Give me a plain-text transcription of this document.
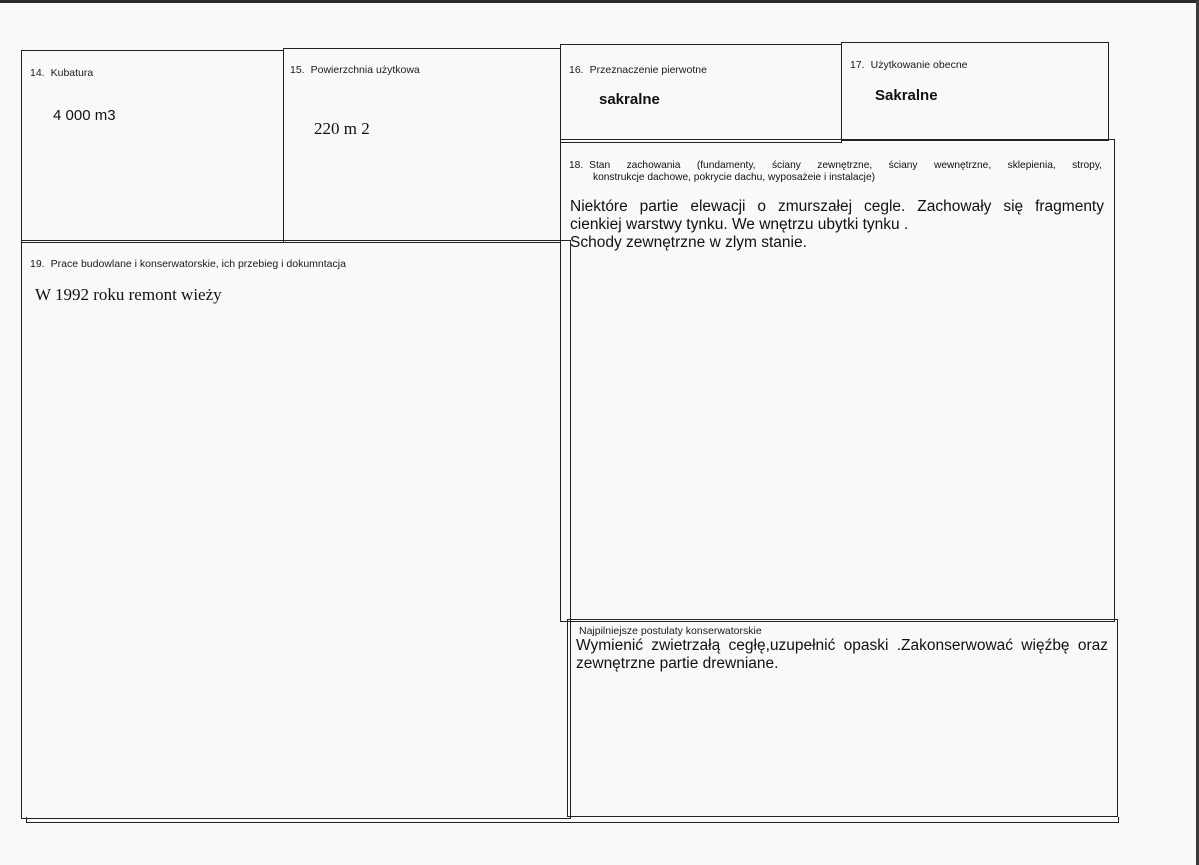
14. Kubatura
4 000 m3
15. Powierzchnia użytkowa
220 m 2
16. Przeznaczenie pierwotne
sakralne
17. Użytkowanie obecne
Sakralne
18. Stan zachowania (fundamenty, ściany zewnętrzne, ściany wewnętrzne, sklepienia, stropy,
konstrukcje dachowe, pokrycie dachu, wyposażeie i instalacje)
Niektóre partie elewacji o zmurszałej cegle. Zachowały się fragmenty
cienkiej warstwy tynku. We wnętrzu ubytki tynku .
Schody zewnętrzne w zlym stanie.
19. Prace budowlane i konserwatorskie, ich przebieg i dokumntacja
W 1992 roku remont wieży
Najpilniejsze postulaty konserwatorskie
Wymienić zwietrzałą cegłę,uzupełnić opaski .Zakonserwować więźbę oraz
zewnętrzne partie drewniane.
